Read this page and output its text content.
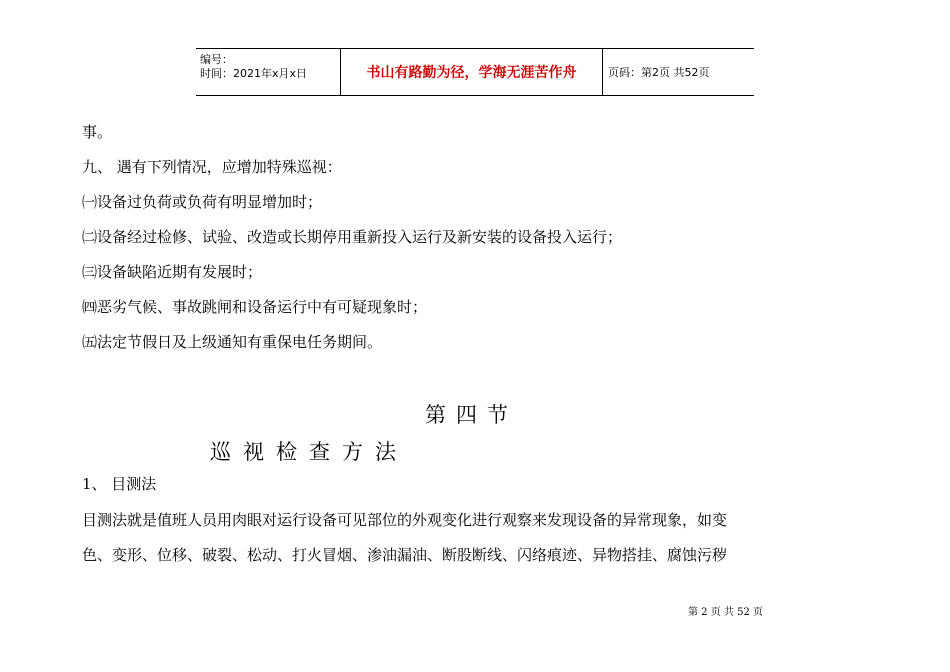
编号：
时间：2021年x月x日	书山有路勤为径，学海无涯苦作舟	页码：第2页 共52页
事。
九、 遇有下列情况，应增加特殊巡视：
㈠设备过负荷或负荷有明显增加时；
㈡设备经过检修、试验、改造或长期停用重新投入运行及新安装的设备投入运行；
㈢设备缺陷近期有发展时；
㈣恶劣气候、事故跳闸和设备运行中有可疑现象时；
㈤法定节假日及上级通知有重保电任务期间。
第四节
巡视检查方法
1、 目测法
目测法就是值班人员用肉眼对运行设备可见部位的外观变化进行观察来发现设备的异常现象，如变
色、变形、位移、破裂、松动、打火冒烟、渗油漏油、断股断线、闪络痕迹、异物搭挂、腐蚀污秽
第 2 页 共 52 页
